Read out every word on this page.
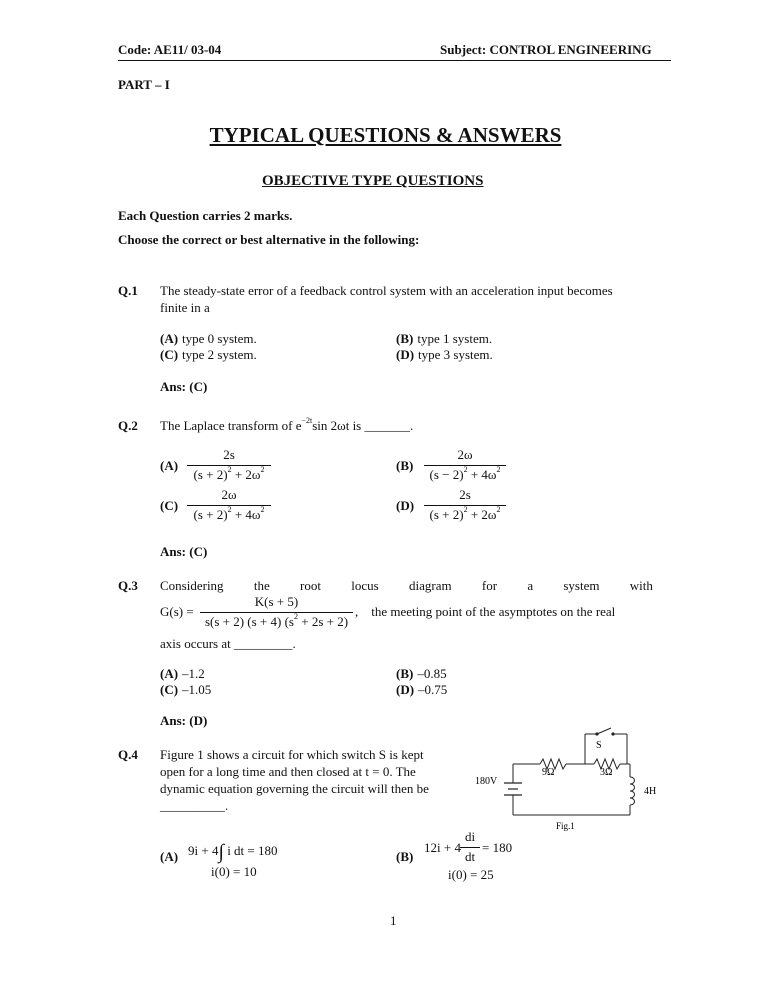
Code: AE11/ 03-04	Subject: CONTROL ENGINEERING
PART – I
TYPICAL QUESTIONS & ANSWERS
OBJECTIVE TYPE QUESTIONS
Each Question carries 2 marks.
Choose the correct or best alternative in the following:
Q.1 The steady-state error of a feedback control system with an acceleration input becomes
finite in a
(A) type 0 system.	(B) type 1 system.
(C) type 2 system.	(D) type 3 system.
Ans: (C)
Q.2 The Laplace transform of $e^{-2t}\sin$ 2ωt is _______.
(A)
2s
$(s + 2)^2 + 2\omega^2$	(B)
2ω
$(s - 2)^2 + 4\omega^2$
(C)
2ω
$(s + 2)^2 + 4\omega^2$	(D)
2s
$(s + 2)^2 + 2\omega^2$
Ans: (C)
Q.3 Considering the root locus diagram for a system with
G(s) =
K(s + 5)
s(s + 2) (s + 4) $(s^2 + 2s + 2)$
,    the meeting point of the asymptotes on the real
axis occurs at _________.
(A) –1.2	(B) –0.85
(C) –1.05	(D) –0.75
Ans: (D)
Q.4 Figure 1 shows a circuit for which switch S is kept
open for a long time and then closed at t = 0. The
dynamic equation governing the circuit will then be
__________.
S
9Ω	3Ω
180V
4H
Fig.1
(A) 9i + 4∫ i dt = 180
i(0) = 10
(B)
12i + 4
di
dt
= 180
i(0) = 25
1
